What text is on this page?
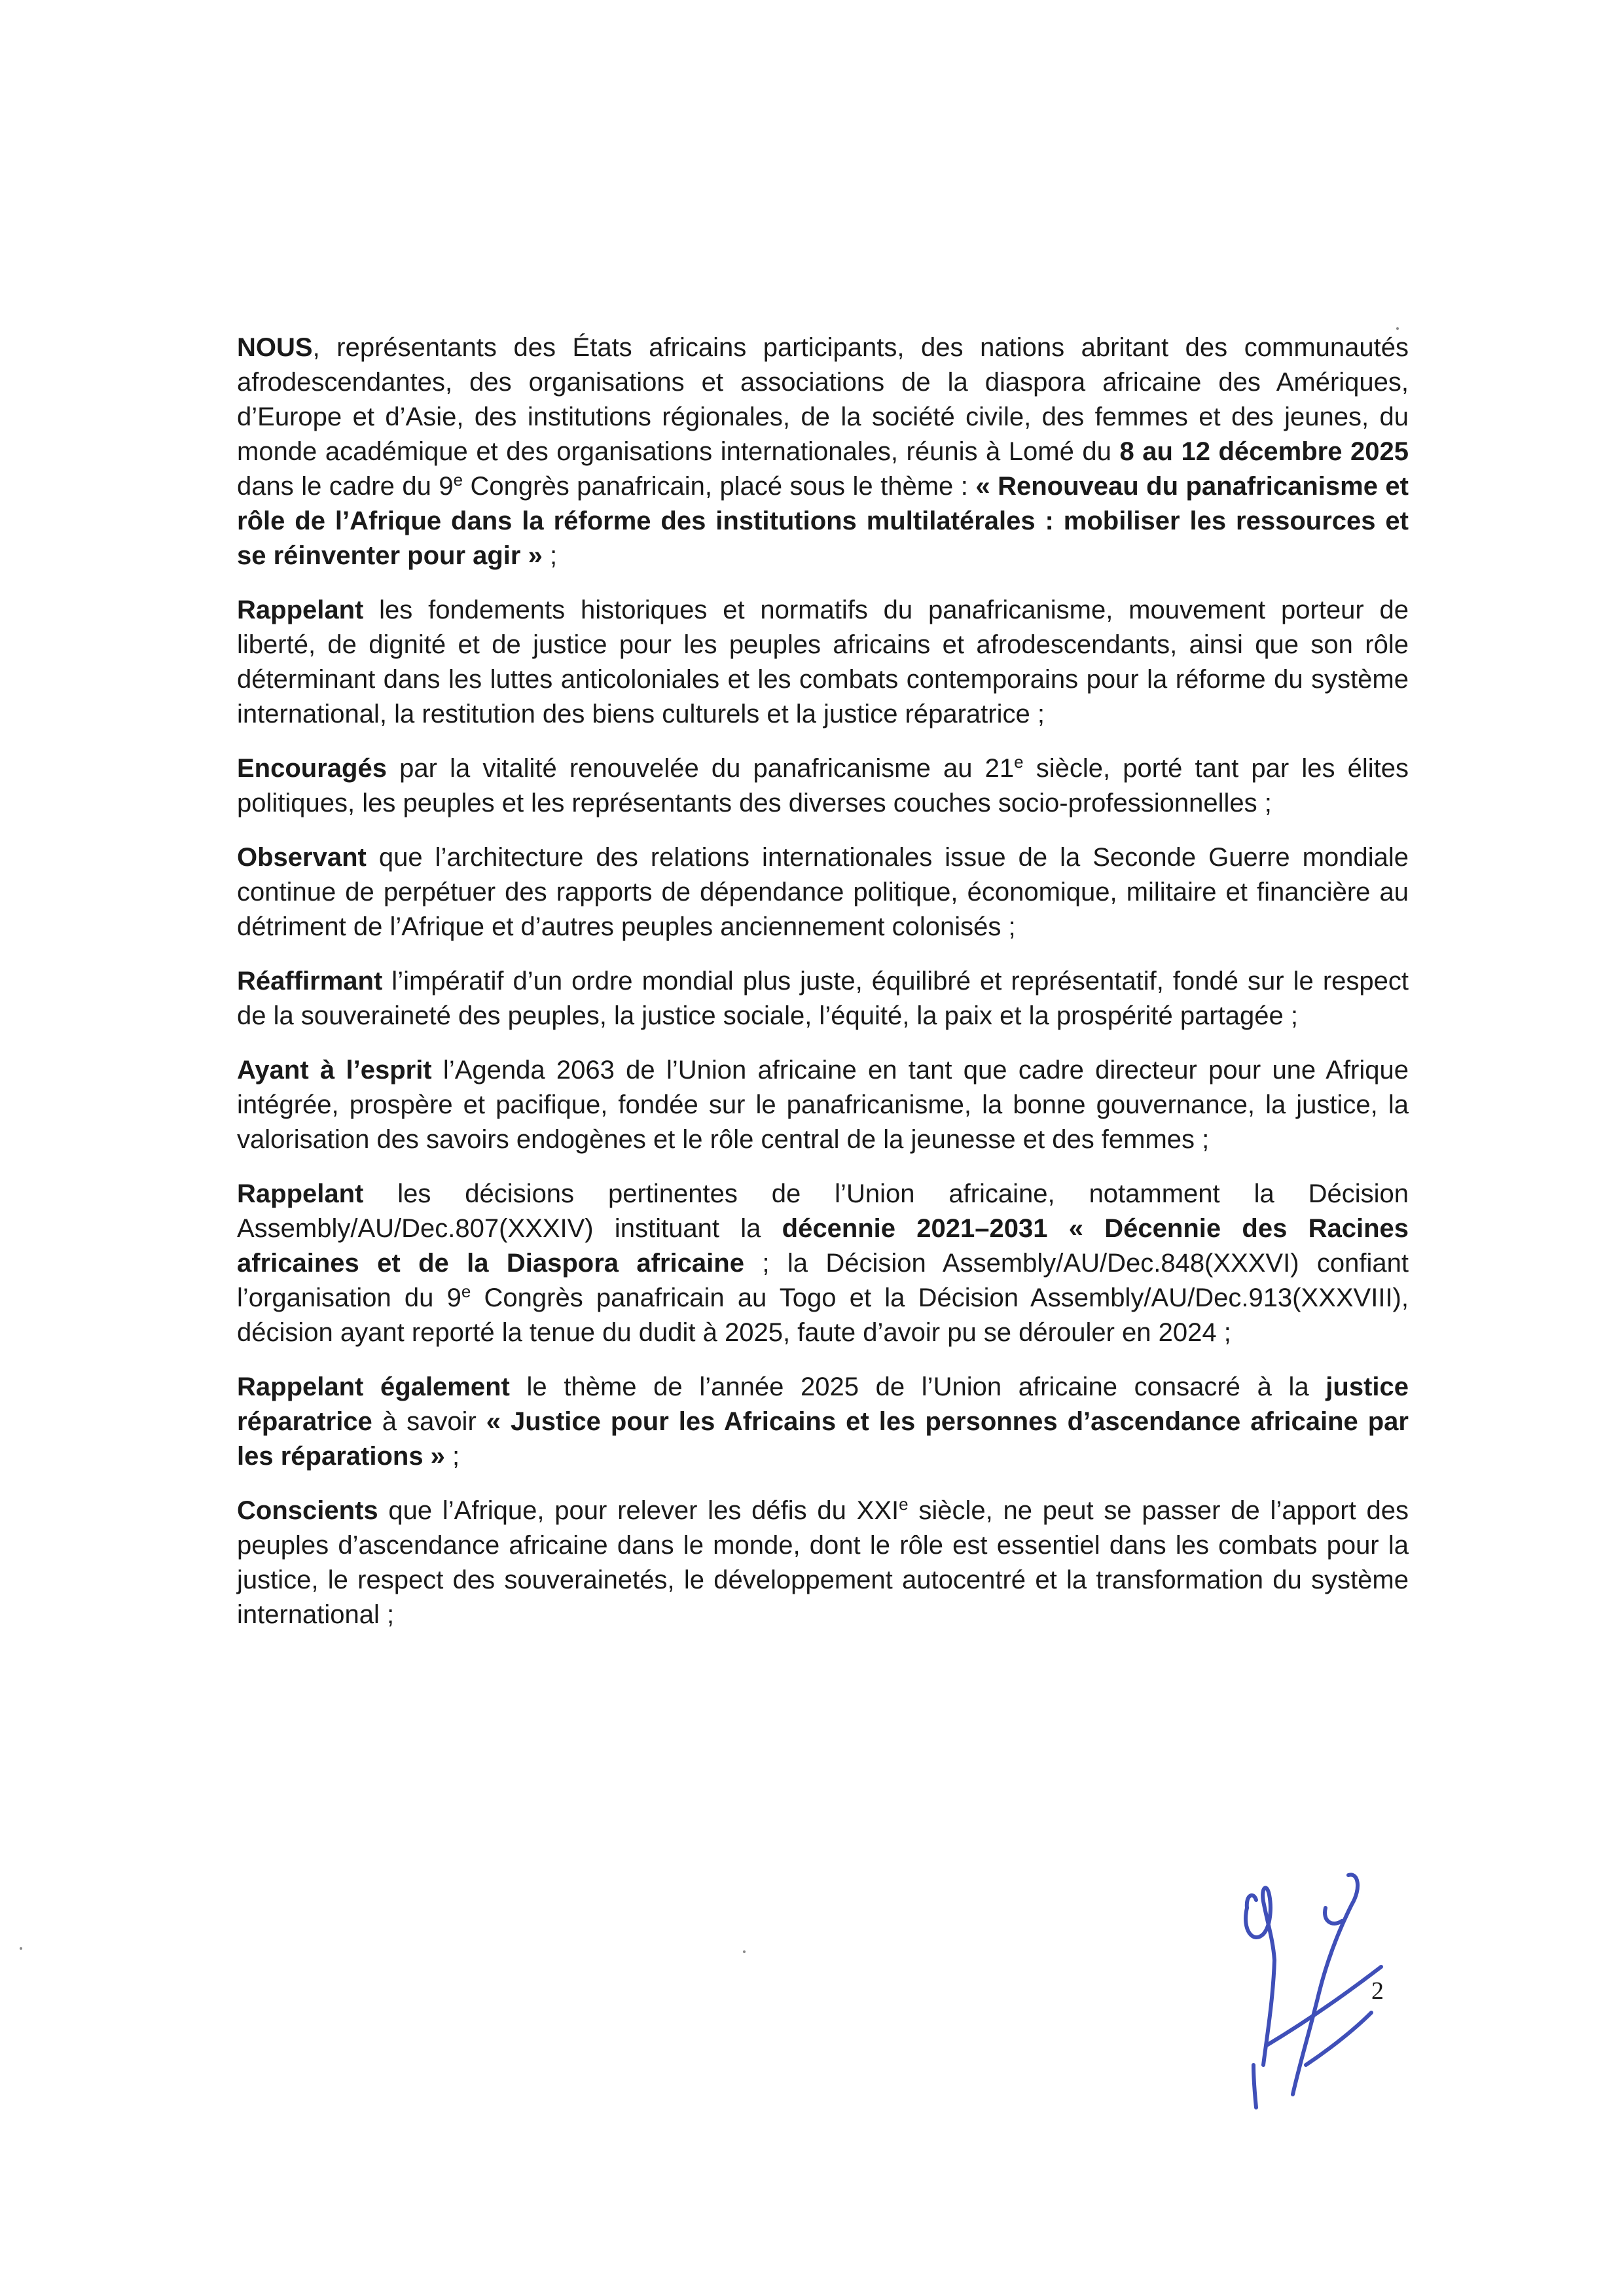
NOUS, représentants des États africains participants, des nations abritant des communautés afrodescendantes, des organisations et associations de la diaspora africaine des Amériques, d’Europe et d’Asie, des institutions régionales, de la société civile, des femmes et des jeunes, du monde académique et des organisations internationales, réunis à Lomé du 8 au 12 décembre 2025 dans le cadre du 9e Congrès panafricain, placé sous le thème : « Renouveau du panafricanisme et rôle de l’Afrique dans la réforme des institutions multilatérales : mobiliser les ressources et se réinventer pour agir » ;

Rappelant les fondements historiques et normatifs du panafricanisme, mouvement porteur de liberté, de dignité et de justice pour les peuples africains et afrodescendants, ainsi que son rôle déterminant dans les luttes anticoloniales et les combats contemporains pour la réforme du système international, la restitution des biens culturels et la justice réparatrice ;

Encouragés par la vitalité renouvelée du panafricanisme au 21e siècle, porté tant par les élites politiques, les peuples et les représentants des diverses couches socio-professionnelles ;

Observant que l’architecture des relations internationales issue de la Seconde Guerre mondiale continue de perpétuer des rapports de dépendance politique, économique, militaire et financière au détriment de l’Afrique et d’autres peuples anciennement colonisés ;

Réaffirmant l’impératif d’un ordre mondial plus juste, équilibré et représentatif, fondé sur le respect de la souveraineté des peuples, la justice sociale, l’équité, la paix et la prospérité partagée ;

Ayant à l’esprit l’Agenda 2063 de l’Union africaine en tant que cadre directeur pour une Afrique intégrée, prospère et pacifique, fondée sur le panafricanisme, la bonne gouvernance, la justice, la valorisation des savoirs endogènes et le rôle central de la jeunesse et des femmes ;

Rappelant les décisions pertinentes de l’Union africaine, notamment la Décision Assembly/AU/Dec.807(XXXIV) instituant la décennie 2021–2031 « Décennie des Racines africaines et de la Diaspora africaine ; la Décision Assembly/AU/Dec.848(XXXVI) confiant l’organisation du 9e Congrès panafricain au Togo et la Décision Assembly/AU/Dec.913(XXXVIII), décision ayant reporté la tenue du dudit à 2025, faute d’avoir pu se dérouler en 2024 ;

Rappelant également le thème de l’année 2025 de l’Union africaine consacré à la justice réparatrice à savoir « Justice pour les Africains et les personnes d’ascendance africaine par les réparations » ;

Conscients que l’Afrique, pour relever les défis du XXIe siècle, ne peut se passer de l’apport des peuples d’ascendance africaine dans le monde, dont le rôle est essentiel dans les combats pour la justice, le respect des souverainetés, le développement autocentré et la transformation du système international ;

2
